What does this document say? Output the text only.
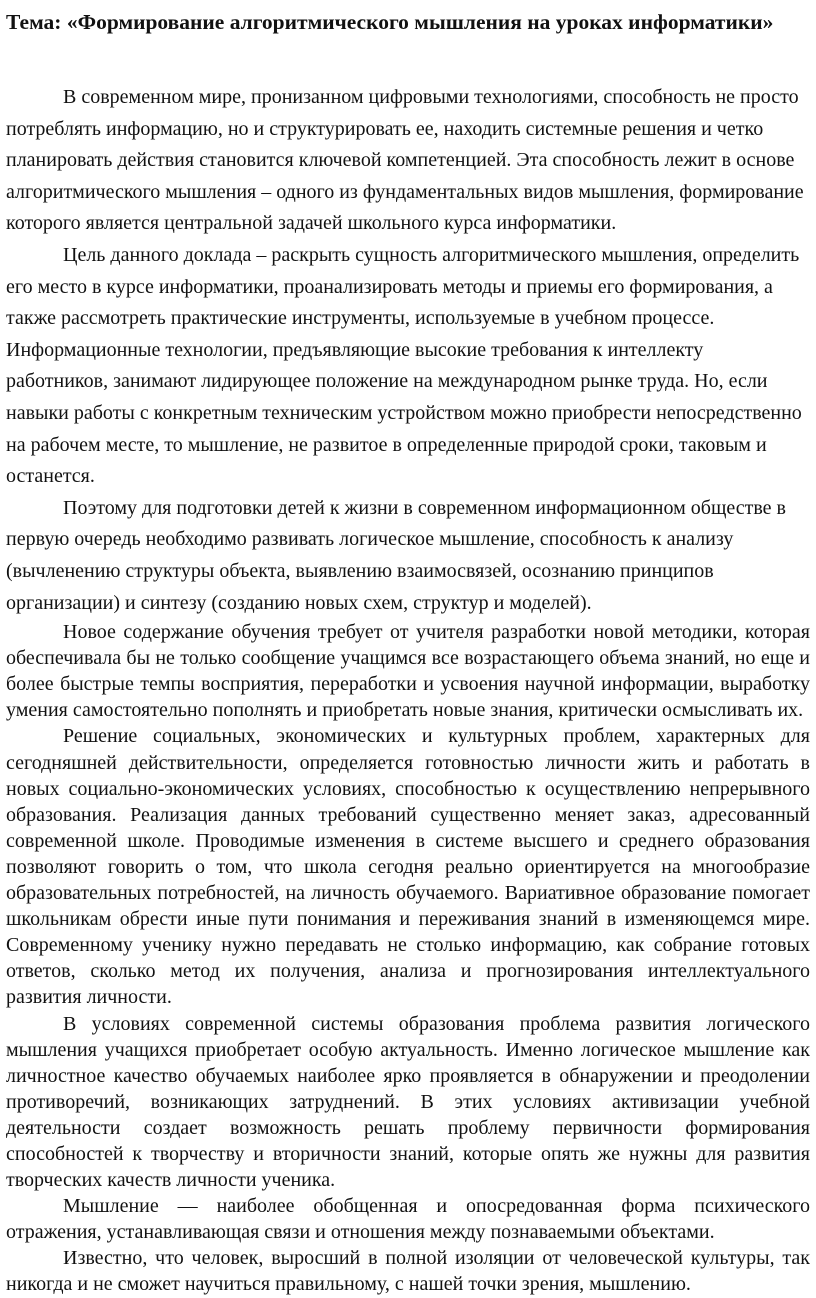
Тема: «Формирование алгоритмического мышления на уроках информатики»

В современном мире, пронизанном цифровыми технологиями, способность не просто потреблять информацию, но и структурировать ее, находить системные решения и четко планировать действия становится ключевой компетенцией. Эта способность лежит в основе алгоритмического мышления – одного из фундаментальных видов мышления, формирование которого является центральной задачей школьного курса информатики.

Цель данного доклада – раскрыть сущность алгоритмического мышления, определить его место в курсе информатики, проанализировать методы и приемы его формирования, а также рассмотреть практические инструменты, используемые в учебном процессе.

Информационные технологии, предъявляющие высокие требования к интеллекту работников, занимают лидирующее положение на международном рынке труда. Но, если навыки работы с конкретным техническим устройством можно приобрести непосредственно на рабочем месте, то мышление, не развитое в определенные природой сроки, таковым и останется.

Поэтому для подготовки детей к жизни в современном информационном обществе в первую очередь необходимо развивать логическое мышление, способность к анализу (вычленению структуры объекта, выявлению взаимосвязей, осознанию принципов организации) и синтезу (созданию новых схем, структур и моделей).

Новое содержание обучения требует от учителя разработки новой методики, которая обеспечивала бы не только сообщение учащимся все возрастающего объема знаний, но еще и более быстрые темпы восприятия, переработки и усвоения научной информации, выработку умения самостоятельно пополнять и приобретать новые знания, критически осмысливать их.

Решение социальных, экономических и культурных проблем, характерных для сегодняшней действительности, определяется готовностью личности жить и работать в новых социально-экономических условиях, способностью к осуществлению непрерывного образования. Реализация данных требований существенно меняет заказ, адресованный современной школе. Проводимые изменения в системе высшего и среднего образования позволяют говорить о том, что школа сегодня реально ориентируется на многообразие образовательных потребностей, на личность обучаемого. Вариативное образование помогает школьникам обрести иные пути понимания и переживания знаний в изменяющемся мире. Современному ученику нужно передавать не столько информацию, как собрание готовых ответов, сколько метод их получения, анализа и прогнозирования интеллектуального развития личности.

В условиях современной системы образования проблема развития логического мышления учащихся приобретает особую актуальность. Именно логическое мышление как личностное качество обучаемых наиболее ярко проявляется в обнаружении и преодолении противоречий, возникающих затруднений. В этих условиях активизации учебной деятельности создает возможность решать проблему первичности формирования способностей к творчеству и вторичности знаний, которые опять же нужны для развития творческих качеств личности ученика.

Мышление — наиболее обобщенная и опосредованная форма психического отражения, устанавливающая связи и отношения между познаваемыми объектами.

Известно, что человек, выросший в полной изоляции от человеческой культуры, так никогда и не сможет научиться правильному, с нашей точки зрения, мышлению.
